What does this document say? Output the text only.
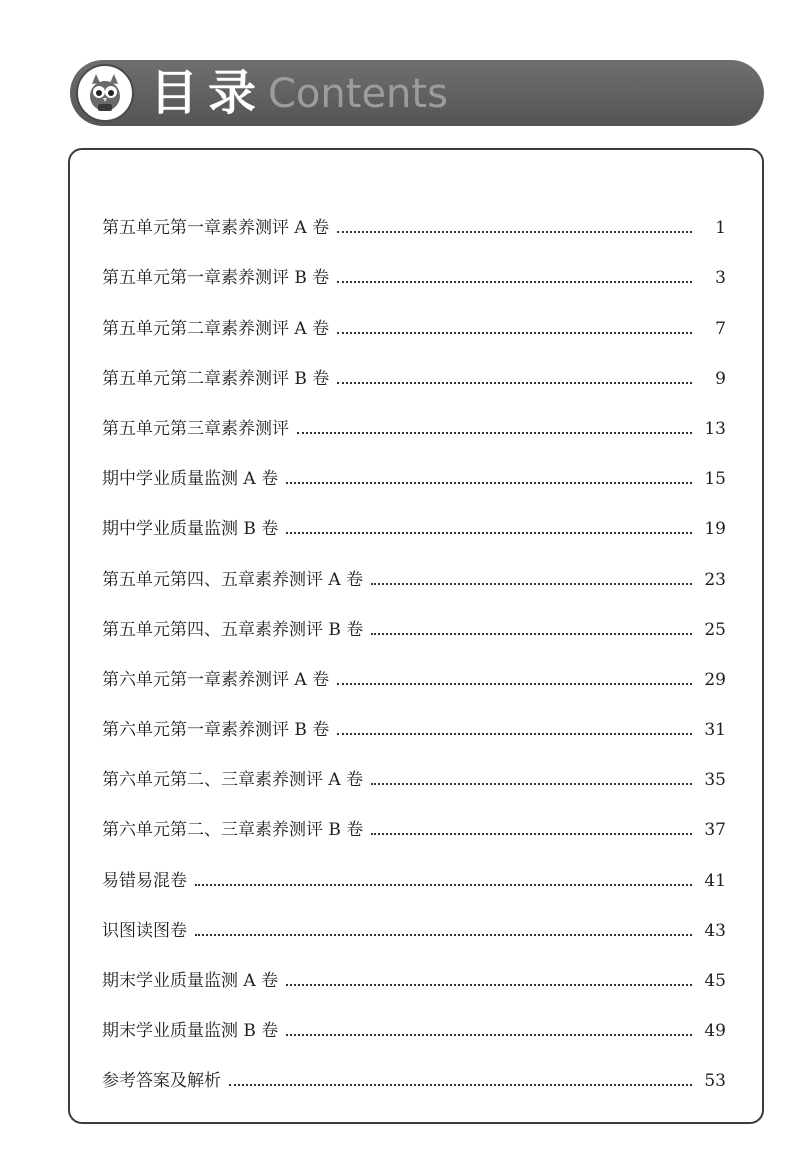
目录 Contents
第五单元第一章素养测评 A 卷	1
第五单元第一章素养测评 B 卷	3
第五单元第二章素养测评 A 卷	7
第五单元第二章素养测评 B 卷	9
第五单元第三章素养测评	13
期中学业质量监测 A 卷	15
期中学业质量监测 B 卷	19
第五单元第四、五章素养测评 A 卷	23
第五单元第四、五章素养测评 B 卷	25
第六单元第一章素养测评 A 卷	29
第六单元第一章素养测评 B 卷	31
第六单元第二、三章素养测评 A 卷	35
第六单元第二、三章素养测评 B 卷	37
易错易混卷	41
识图读图卷	43
期末学业质量监测 A 卷	45
期末学业质量监测 B 卷	49
参考答案及解析	53
